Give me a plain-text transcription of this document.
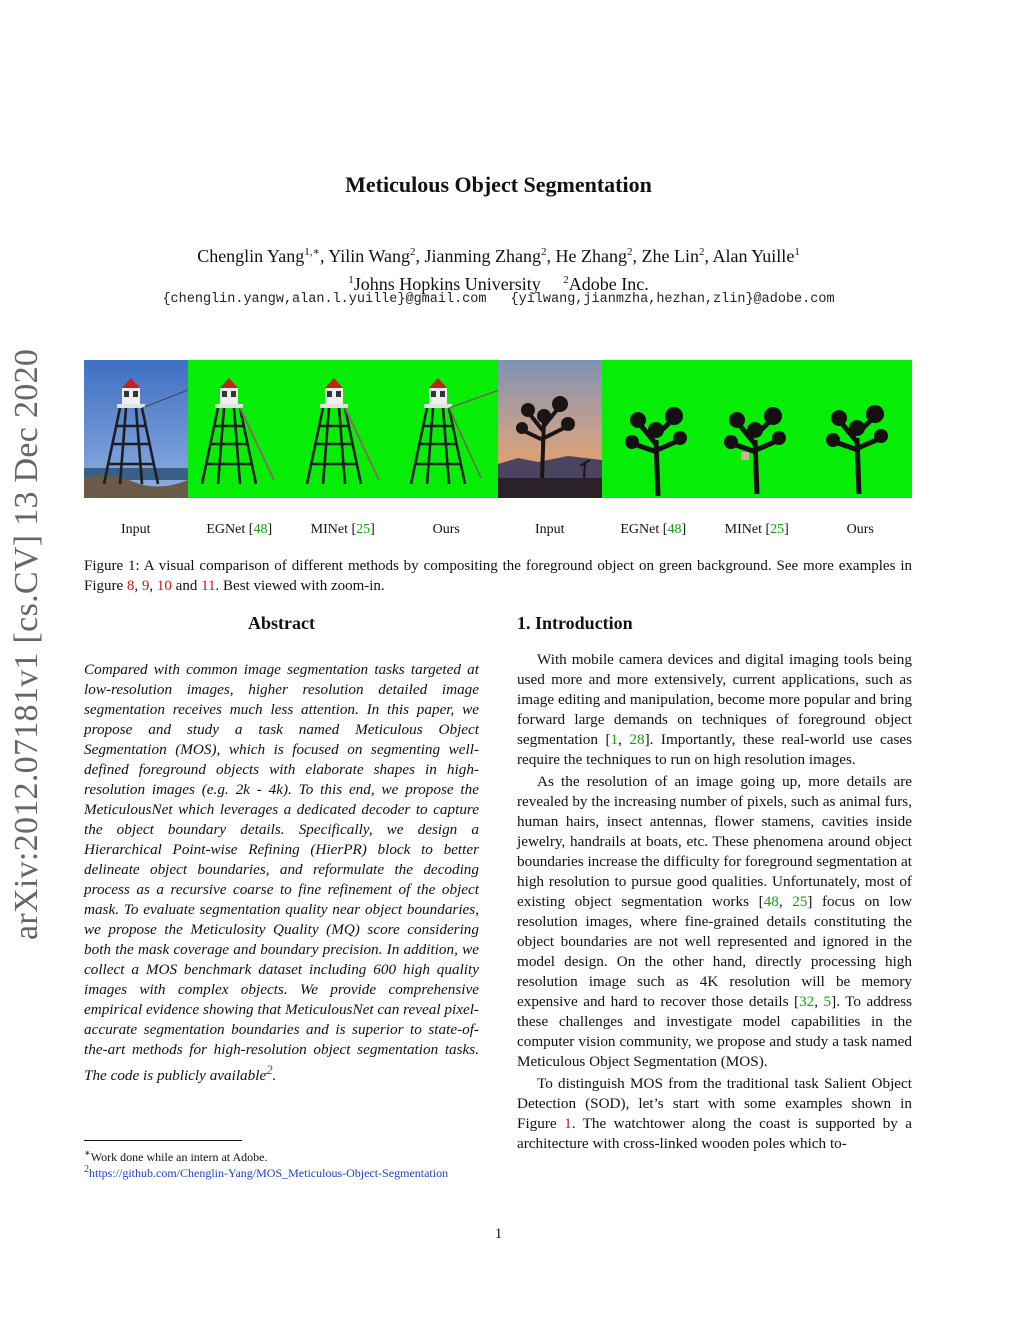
Meticulous Object Segmentation
Chenglin Yang$^{1,∗}$, Yilin Wang$^2$, Jianming Zhang$^2$, He Zhang$^2$, Zhe Lin$^2$, Alan Yuille$^1$
$^1$Johns Hopkins University $^2$Adobe Inc.
{chenglin.yangw,alan.l.yuille}@gmail.com {yilwang,jianmzha,hezhan,zlin}@adobe.com
arXiv:2012.07181v1 [cs.CV] 13 Dec 2020	Input	EGNet [48]	MINet [25]	Ours	Input	EGNet [48]	MINet [25]	Ours
Figure 1: A visual comparison of different methods by compositing the foreground object on green background. See more examples in Figure 8, 9, 10 and 11. Best viewed with zoom-in.
Abstract
Compared with common image segmentation tasks targeted at low-resolution images, higher resolution detailed image segmentation receives much less attention. In this paper, we propose and study a task named Meticulous Object Segmentation (MOS), which is focused on segmenting well-defined foreground objects with elaborate shapes in high-resolution images (e.g. 2k - 4k). To this end, we propose the MeticulousNet which leverages a dedicated decoder to capture the object boundary details. Specifically, we design a Hierarchical Point-wise Refining (HierPR) block to better delineate object boundaries, and reformulate the decoding process as a recursive coarse to fine refinement of the object mask. To evaluate segmentation quality near object boundaries, we propose the Meticulosity Quality (MQ) score considering both the mask coverage and boundary precision. In addition, we collect a MOS benchmark dataset including 600 high quality images with complex objects. We provide comprehensive empirical evidence showing that MeticulousNet can reveal pixel-accurate segmentation boundaries and is superior to state-of-the-art methods for high-resolution object segmentation tasks. The code is publicly available$^2$.
∗Work done while an intern at Adobe.
$^2$https://github.com/Chenglin-Yang/MOS_Meticulous-Object-Segmentation
1. Introduction

With mobile camera devices and digital imaging tools being used more and more extensively, current applications, such as image editing and manipulation, become more popular and bring forward large demands on techniques of foreground object segmentation [1, 28]. Importantly, these real-world use cases require the techniques to run on high resolution images.

As the resolution of an image going up, more details are revealed by the increasing number of pixels, such as animal furs, human hairs, insect antennas, flower stamens, cavities inside jewelry, handrails at boats, etc. These phenomena around object boundaries increase the difficulty for foreground segmentation at high resolution to pursue good qualities. Unfortunately, most of existing object segmentation works [48, 25] focus on low resolution images, where fine-grained details constituting the object boundaries are not well represented and ignored in the model design. On the other hand, directly processing high resolution image such as 4K resolution will be memory expensive and hard to recover those details [32, 5]. To address these challenges and investigate model capabilities in the computer vision community, we propose and study a task named Meticulous Object Segmentation (MOS).

To distinguish MOS from the traditional task Salient Object Detection (SOD), let’s start with some examples shown in Figure 1. The watchtower along the coast is supported by a architecture with cross-linked wooden poles which to-

1
